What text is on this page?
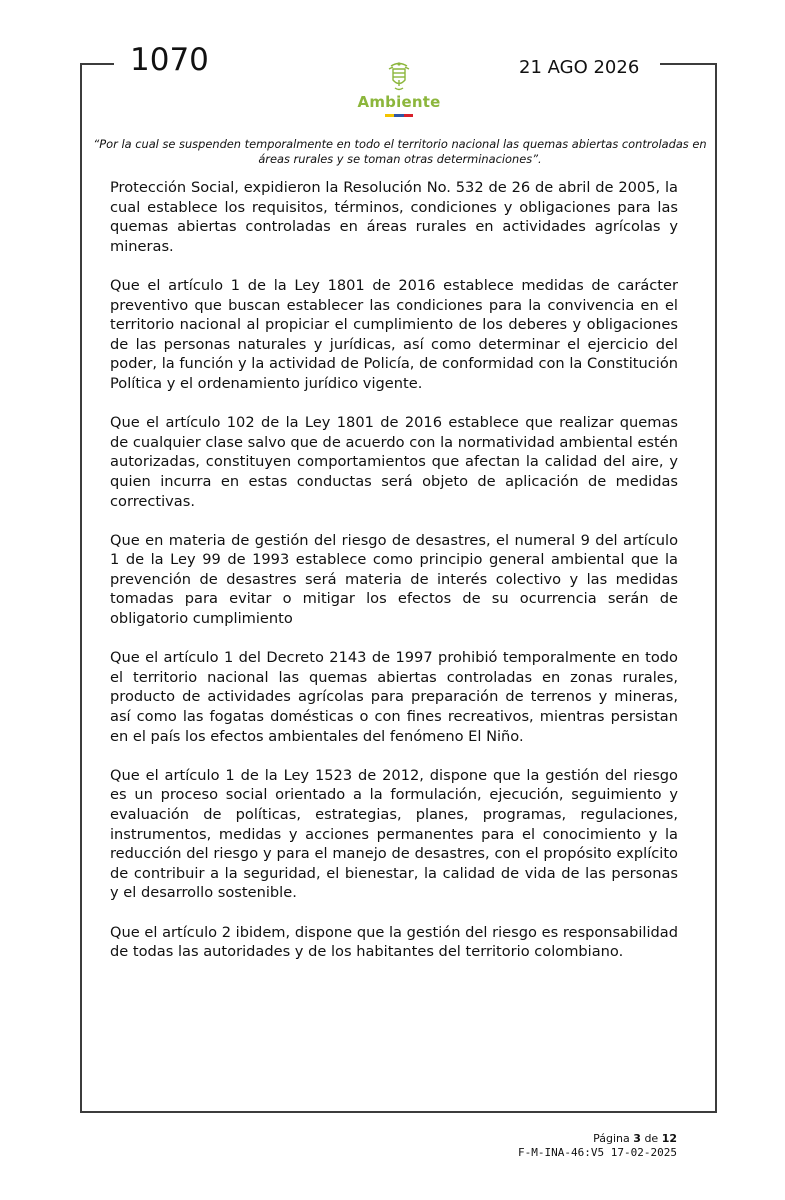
1070	21 AGO 2026
Ambiente
“Por la cual se suspenden temporalmente en todo el territorio nacional las quemas abiertas controladas en áreas rurales y se toman otras determinaciones”.

Protección Social, expidieron la Resolución No. 532 de 26 de abril de 2005, la cual establece los requisitos, términos, condiciones y obligaciones para las quemas abiertas controladas en áreas rurales en actividades agrícolas y mineras.

Que el artículo 1 de la Ley 1801 de 2016 establece medidas de carácter preventivo que buscan establecer las condiciones para la convivencia en el territorio nacional al propiciar el cumplimiento de los deberes y obligaciones de las personas naturales y jurídicas, así como determinar el ejercicio del poder, la función y la actividad de Policía, de conformidad con la Constitución Política y el ordenamiento jurídico vigente.

Que el artículo 102 de la Ley 1801 de 2016 establece que realizar quemas de cualquier clase salvo que de acuerdo con la normatividad ambiental estén autorizadas, constituyen comportamientos que afectan la calidad del aire, y quien incurra en estas conductas será objeto de aplicación de medidas correctivas.

Que en materia de gestión del riesgo de desastres, el numeral 9 del artículo 1 de la Ley 99 de 1993 establece como principio general ambiental que la prevención de desastres será materia de interés colectivo y las medidas tomadas para evitar o mitigar los efectos de su ocurrencia serán de obligatorio cumplimiento

Que el artículo 1 del Decreto 2143 de 1997 prohibió temporalmente en todo el territorio nacional las quemas abiertas controladas en zonas rurales, producto de actividades agrícolas para preparación de terrenos y mineras, así como las fogatas domésticas o con fines recreativos, mientras persistan en el país los efectos ambientales del fenómeno El Niño.

Que el artículo 1 de la Ley 1523 de 2012, dispone que la gestión del riesgo es un proceso social orientado a la formulación, ejecución, seguimiento y evaluación de políticas, estrategias, planes, programas, regulaciones, instrumentos, medidas y acciones permanentes para el conocimiento y la reducción del riesgo y para el manejo de desastres, con el propósito explícito de contribuir a la seguridad, el bienestar, la calidad de vida de las personas y el desarrollo sostenible.

Que el artículo 2 ibidem, dispone que la gestión del riesgo es responsabilidad de todas las autoridades y de los habitantes del territorio colombiano.

Página 3 de 12
F-M-INA-46:V5 17-02-2025
